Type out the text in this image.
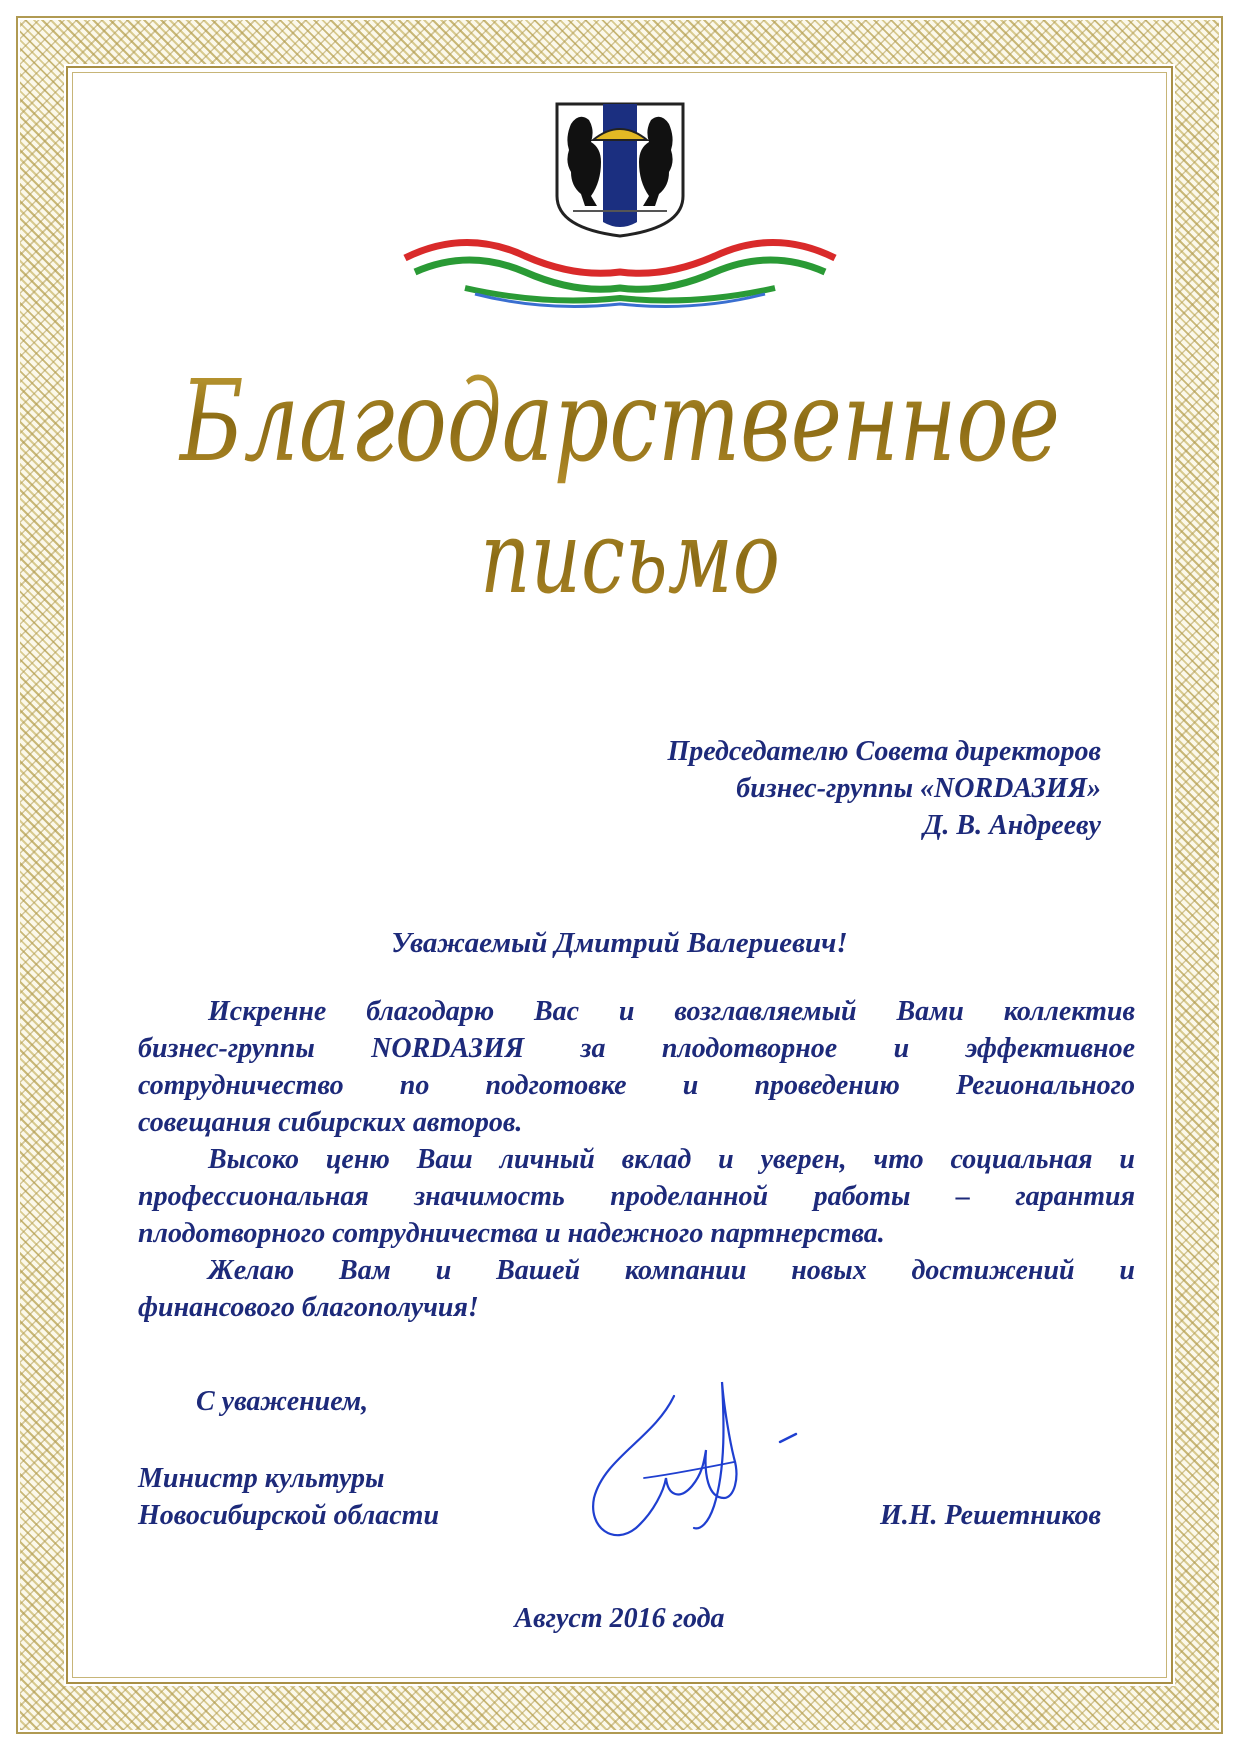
Благодарственное
письмо
Председателю Совета директоров
бизнес-группы «NORDАЗИЯ»
Д. В. Андрееву
Уважаемый Дмитрий Валериевич!

Искренне благодарю Вас и возглавляемый Вами коллектив

бизнес-группы NORDАЗИЯ за плодотворное и эффективное

сотрудничество по подготовке и проведению Регионального

совещания сибирских авторов.

Высоко ценю Ваш личный вклад и уверен, что социальная и

профессиональная значимость проделанной работы – гарантия

плодотворного сотрудничества и надежного партнерства.

Желаю Вам и Вашей компании новых достижений и

финансового благополучия!

С уважением,
Министр культуры
Новосибирской области	И.Н. Решетников
Август 2016 года
